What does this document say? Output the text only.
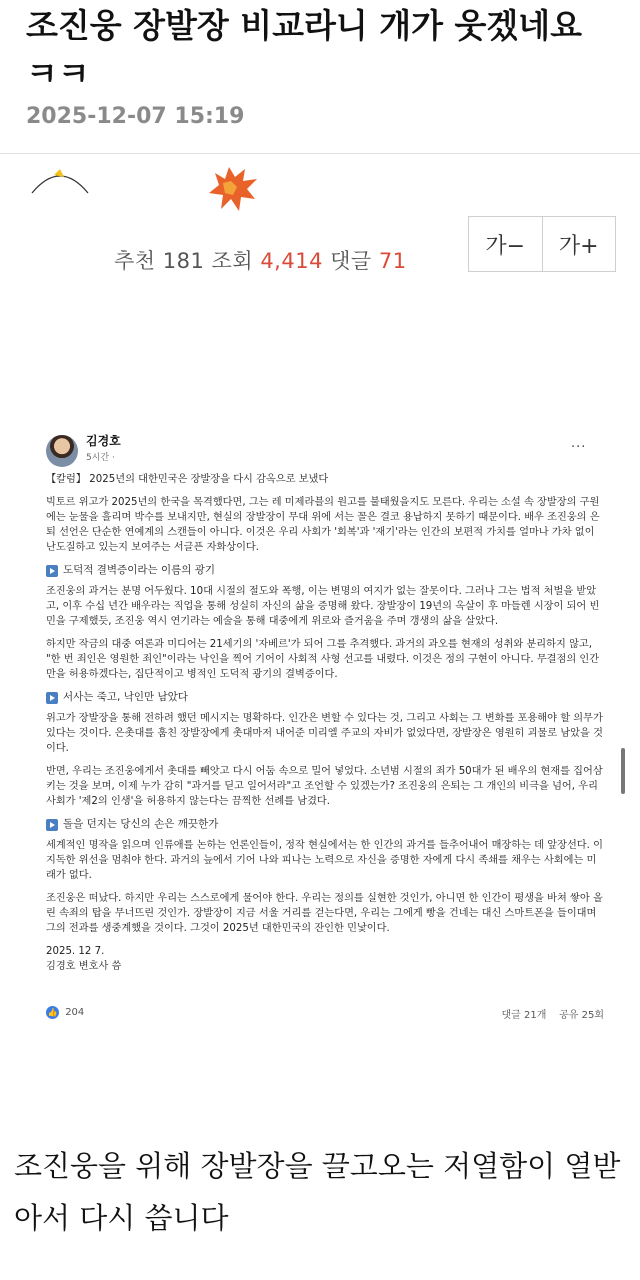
조진웅 장발장 비교라니 개가 웃겠네요 ㅋㅋ
2025-12-07 15:19
추천 181 조회 4,414 댓글 71
가−	가+
김경호
5시간 ·
···

【칼럼】 2025년의 대한민국은 장발장을 다시 감옥으로 보냈다

빅토르 위고가 2025년의 한국을 목격했다면, 그는 레 미제라블의 원고를 불태웠을지도 모른다. 우리는 소설 속 장발장의 구원에는 눈물을 흘리며 박수를 보내지만, 현실의 장발장이 무대 위에 서는 꼴은 결코 용납하지 못하기 때문이다. 배우 조진웅의 은퇴 선언은 단순한 연예계의 스캔들이 아니다. 이것은 우리 사회가 '회복'과 '재기'라는 인간의 보편적 가치를 얼마나 가차 없이 난도질하고 있는지 보여주는 서글픈 자화상이다.

도덕적 결벽증이라는 이름의 광기

조진웅의 과거는 분명 어두웠다. 10대 시절의 절도와 폭행, 이는 변명의 여지가 없는 잘못이다. 그러나 그는 법적 처벌을 받았고, 이후 수십 년간 배우라는 직업을 통해 성실히 자신의 삶을 증명해 왔다. 장발장이 19년의 옥살이 후 마들렌 시장이 되어 빈민을 구제했듯, 조진웅 역시 연기라는 예술을 통해 대중에게 위로와 즐거움을 주며 갱생의 삶을 살았다.

하지만 작금의 대중 여론과 미디어는 21세기의 '자베르'가 되어 그를 추격했다. 과거의 과오를 현재의 성취와 분리하지 않고, "한 번 죄인은 영원한 죄인"이라는 낙인을 찍어 기어이 사회적 사형 선고를 내렸다. 이것은 정의 구현이 아니다. 무결점의 인간만을 허용하겠다는, 집단적이고 병적인 도덕적 광기의 결벽증이다.

서사는 죽고, 낙인만 남았다

위고가 장발장을 통해 전하려 했던 메시지는 명확하다. 인간은 변할 수 있다는 것, 그리고 사회는 그 변화를 포용해야 할 의무가 있다는 것이다. 은촛대를 훔친 장발장에게 촛대마저 내어준 미리엘 주교의 자비가 없었다면, 장발장은 영원히 괴물로 남았을 것이다.

반면, 우리는 조진웅에게서 촛대를 빼앗고 다시 어둠 속으로 밀어 넣었다. 소년범 시절의 죄가 50대가 된 배우의 현재를 집어삼키는 것을 보며, 이제 누가 감히 "과거를 딛고 일어서라"고 조언할 수 있겠는가? 조진웅의 은퇴는 그 개인의 비극을 넘어, 우리 사회가 '제2의 인생'을 허용하지 않는다는 끔찍한 선례를 남겼다.

돌을 던지는 당신의 손은 깨끗한가

세계적인 명작을 읽으며 인류애를 논하는 언론인들이, 정작 현실에서는 한 인간의 과거를 들추어내어 매장하는 데 앞장선다. 이 지독한 위선을 멈춰야 한다. 과거의 늪에서 기어 나와 피나는 노력으로 자신을 증명한 자에게 다시 족쇄를 채우는 사회에는 미래가 없다.

조진웅은 떠났다. 하지만 우리는 스스로에게 물어야 한다. 우리는 정의를 실현한 것인가, 아니면 한 인간이 평생을 바쳐 쌓아 올린 속죄의 탑을 무너뜨린 것인가. 장발장이 지금 서울 거리를 걷는다면, 우리는 그에게 빵을 건네는 대신 스마트폰을 들이대며 그의 전과를 생중계했을 것이다. 그것이 2025년 대한민국의 잔인한 민낯이다.

2025. 12 7.
김경호 변호사 씀
👍 204	댓글 21개 공유 25회

조진웅을 위해 장발장을 끌고오는 저열함이 열받아서 다시 씁니다
